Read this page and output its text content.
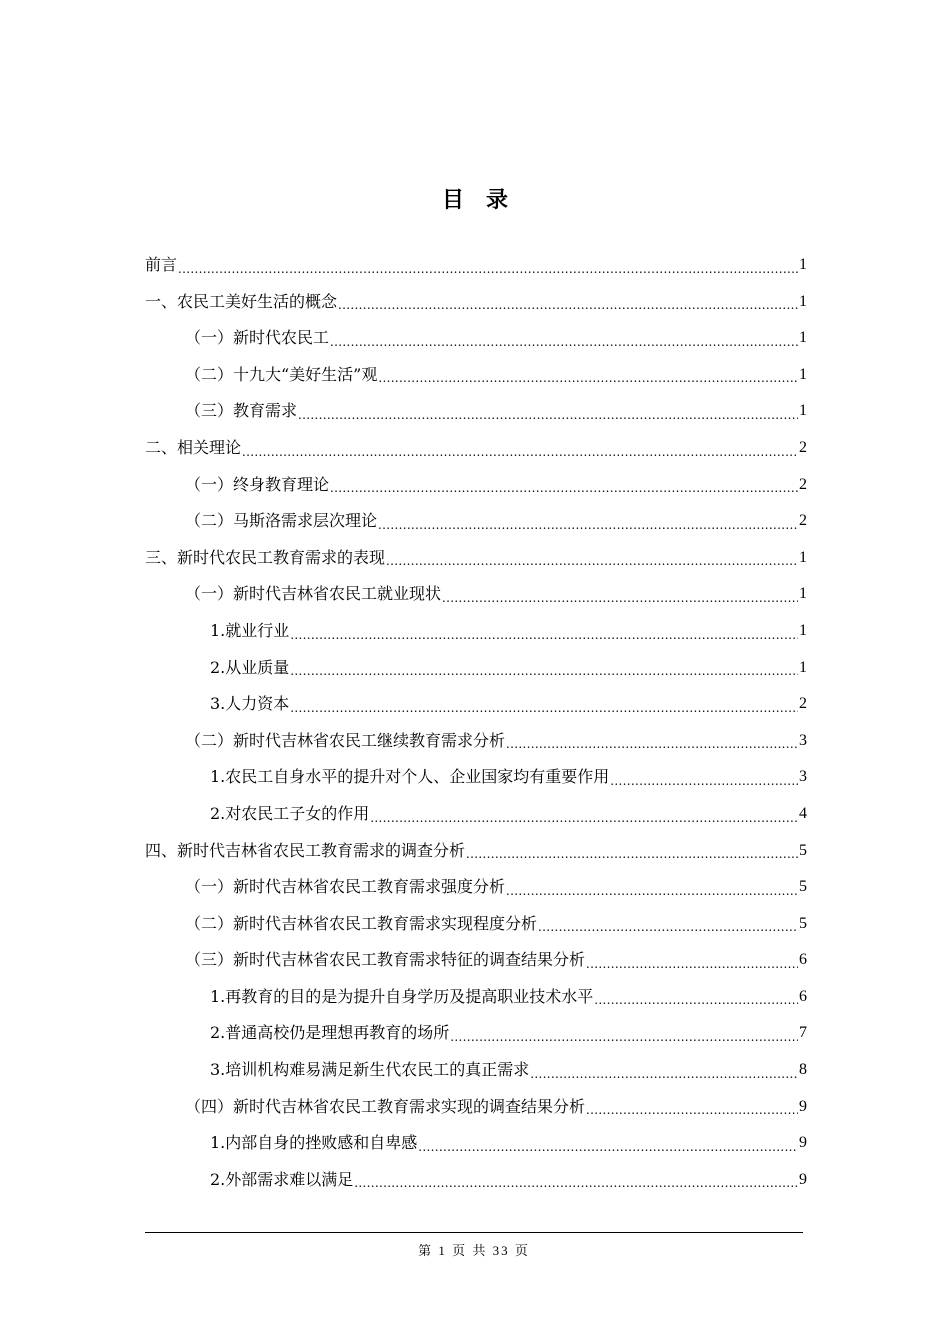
目录
前言 .....	1
一、农民工美好生活的概念 .....	1
（一）新时代农民工 .....	1
（二）十九大“美好生活”观 .....	1
（三）教育需求 .....	1
二、相关理论 .....	2
（一）终身教育理论 .....	2
（二）马斯洛需求层次理论 .....	2
三、新时代农民工教育需求的表现 .....	1
（一）新时代吉林省农民工就业现状 .....	1
1.就业行业 .....	1
2.从业质量 .....	1
3.人力资本 .....	2
（二）新时代吉林省农民工继续教育需求分析 .....	3
1.农民工自身水平的提升对个人、企业国家均有重要作用 .....	3
2.对农民工子女的作用 .....	4
四、新时代吉林省农民工教育需求的调查分析 .....	5
（一）新时代吉林省农民工教育需求强度分析 .....	5
（二）新时代吉林省农民工教育需求实现程度分析 .....	5
（三）新时代吉林省农民工教育需求特征的调查结果分析 .....	6
1.再教育的目的是为提升自身学历及提高职业技术水平 .....	6
2.普通高校仍是理想再教育的场所 .....	7
3.培训机构难易满足新生代农民工的真正需求 .....	8
（四）新时代吉林省农民工教育需求实现的调查结果分析 .....	9
1.内部自身的挫败感和自卑感 .....	9
2.外部需求难以满足 .....	9
第 1 页 共 33 页
